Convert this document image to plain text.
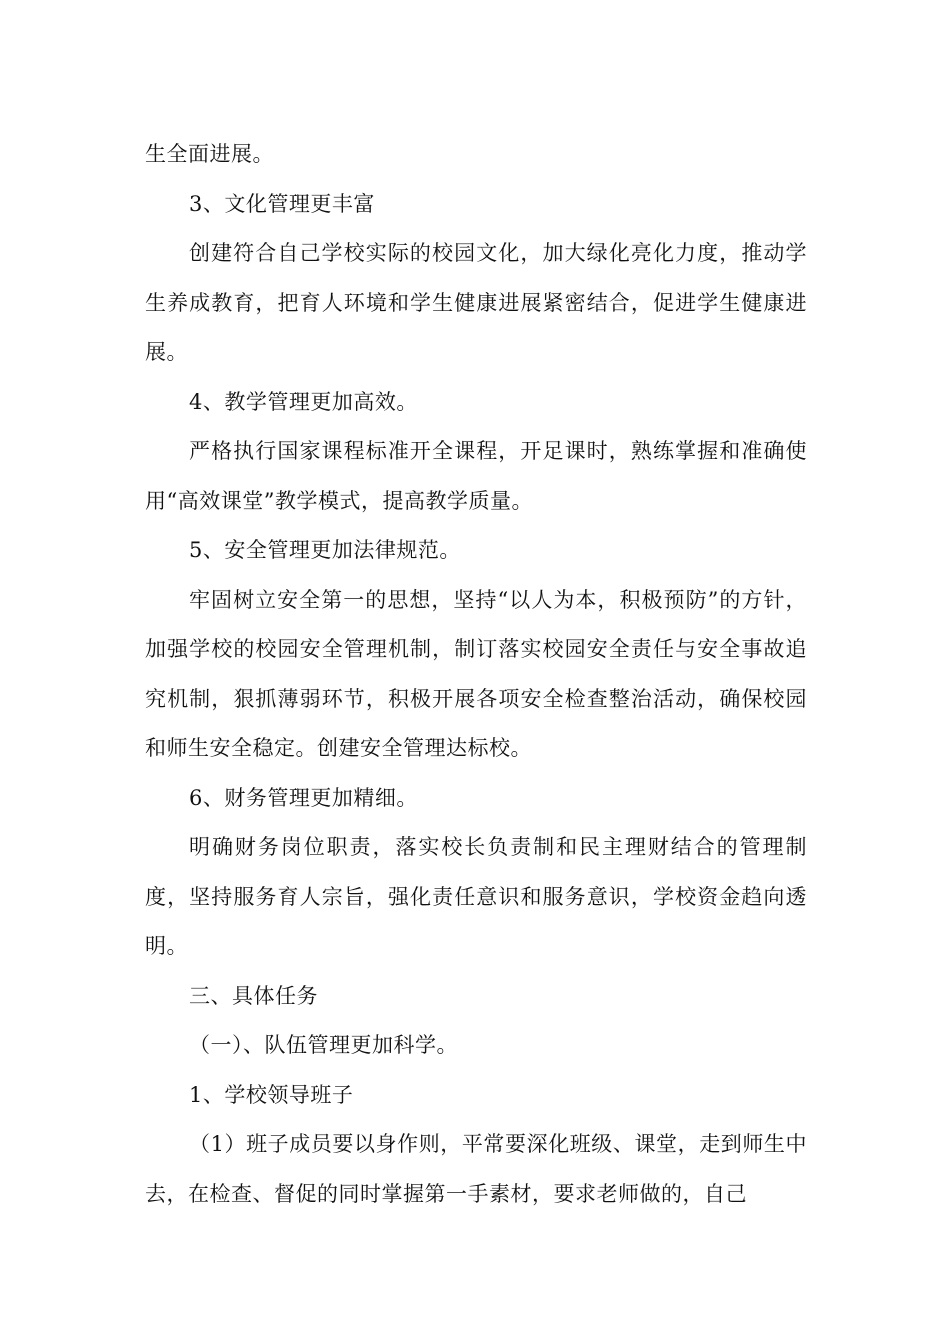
生全面进展。

3、文化管理更丰富

创建符合自己学校实际的校园文化，加大绿化亮化力度，推动学生养成教育，把育人环境和学生健康进展紧密结合，促进学生健康进展。

4、教学管理更加高效。

严格执行国家课程标准开全课程，开足课时，熟练掌握和准确使用“高效课堂”教学模式，提高教学质量。

5、安全管理更加法律规范。

牢固树立安全第一的思想，坚持“以人为本，积极预防”的方针，加强学校的校园安全管理机制，制订落实校园安全责任与安全事故追究机制，狠抓薄弱环节，积极开展各项安全检查整治活动，确保校园和师生安全稳定。创建安全管理达标校。

6、财务管理更加精细。

明确财务岗位职责，落实校长负责制和民主理财结合的管理制度，坚持服务育人宗旨，强化责任意识和服务意识，学校资金趋向透明。

三、具体任务

（一）、队伍管理更加科学。

1、学校领导班子

（1）班子成员要以身作则，平常要深化班级、课堂，走到师生中去，在检查、督促的同时掌握第一手素材，要求老师做的，自己
